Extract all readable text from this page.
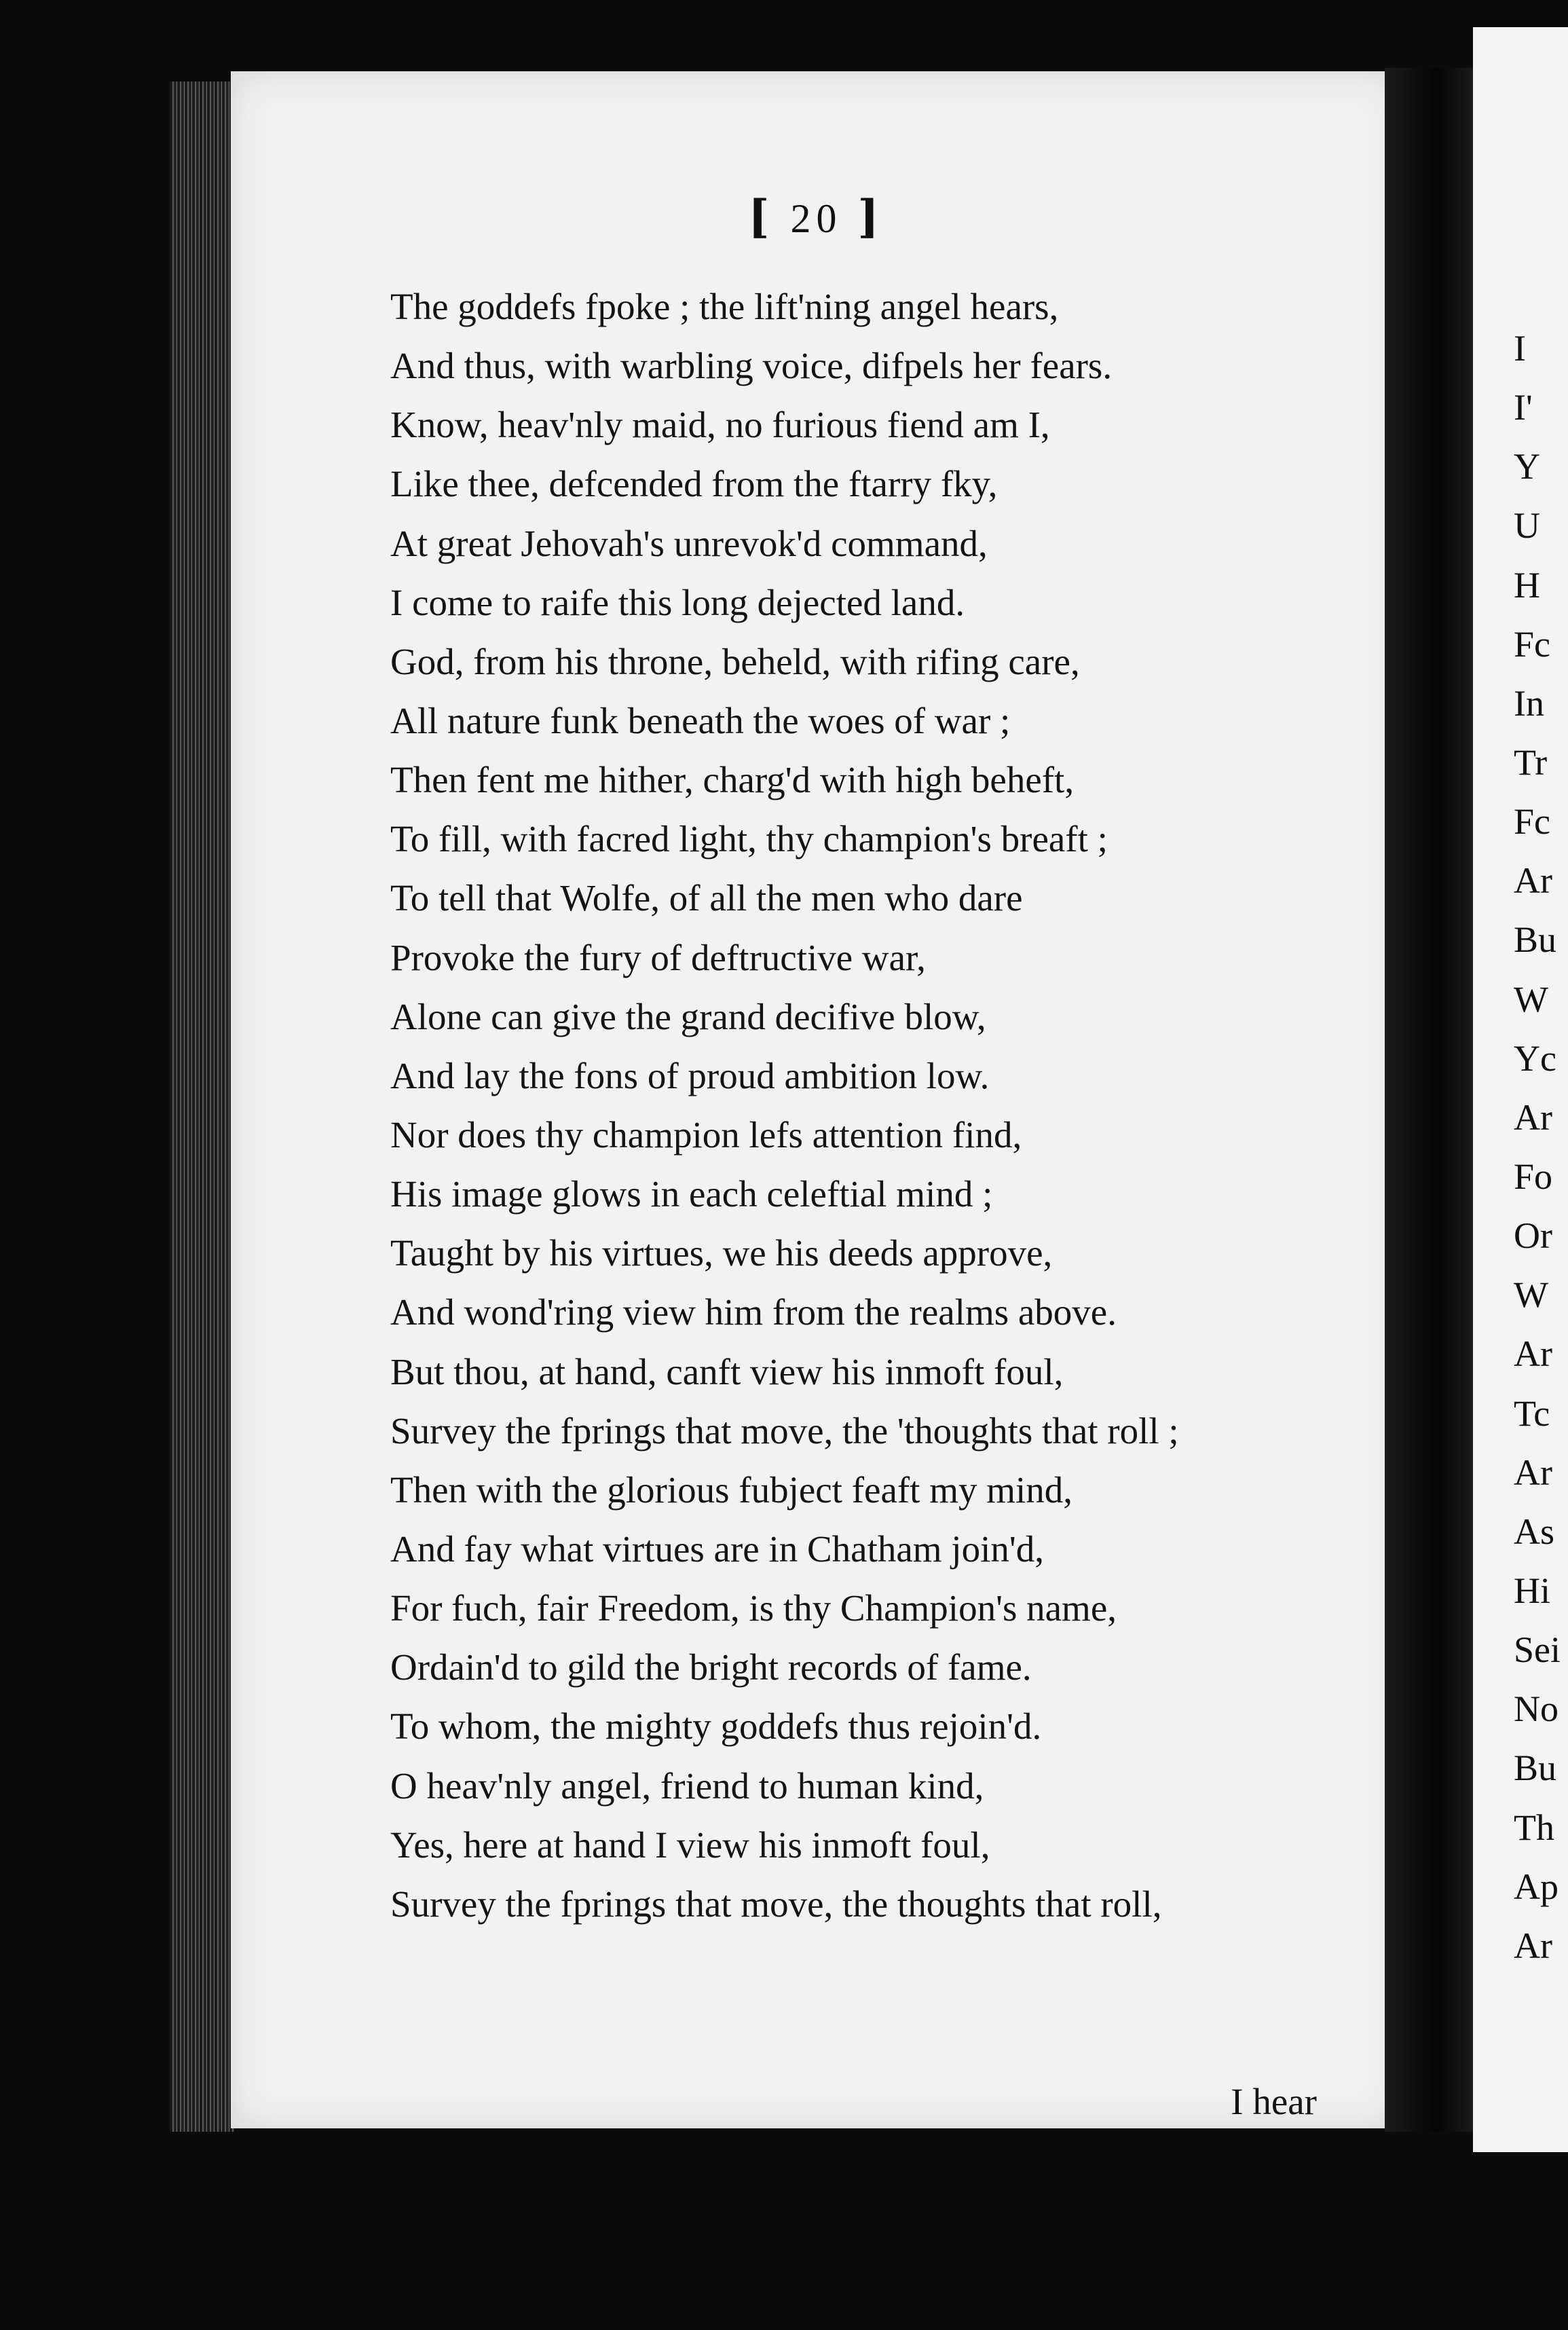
I
I'
Y
U
H
Fc
In
Tr
Fc
Ar
Bu
W
Yc
Ar
Fo
Or
W
Ar
Tc
Ar
As
Hi
Sei
No
Bu
Th
Ap
Ar
[ 20 ]
The goddefs fpoke ; the lift'ning angel hears,
And thus, with warbling voice, difpels her fears.
Know, heav'nly maid, no furious fiend am I,
Like thee, defcended from the ftarry fky,
At great Jehovah's unrevok'd command,
I come to raife this long dejected land.
God, from his throne, beheld, with rifing care,
All nature funk beneath the woes of war ;
Then fent me hither, charg'd with high beheft,
To fill, with facred light, thy champion's breaft ;
To tell that Wolfe, of all the men who dare
Provoke the fury of deftructive war,
Alone can give the grand decifive blow,
And lay the fons of proud ambition low.
Nor does thy champion lefs attention find,
His image glows in each celeftial mind ;
Taught by his virtues, we his deeds approve,
And wond'ring view him from the realms above.
But thou, at hand, canft view his inmoft foul,
Survey the fprings that move, the 'thoughts that roll ;
Then with the glorious fubject feaft my mind,
And fay what virtues are in Chatham join'd,
For fuch, fair Freedom, is thy Champion's name,
Ordain'd to gild the bright records of fame.
To whom, the mighty goddefs thus rejoin'd.
O heav'nly angel, friend to human kind,
Yes, here at hand I view his inmoft foul,
Survey the fprings that move, the thoughts that roll,
I hear
